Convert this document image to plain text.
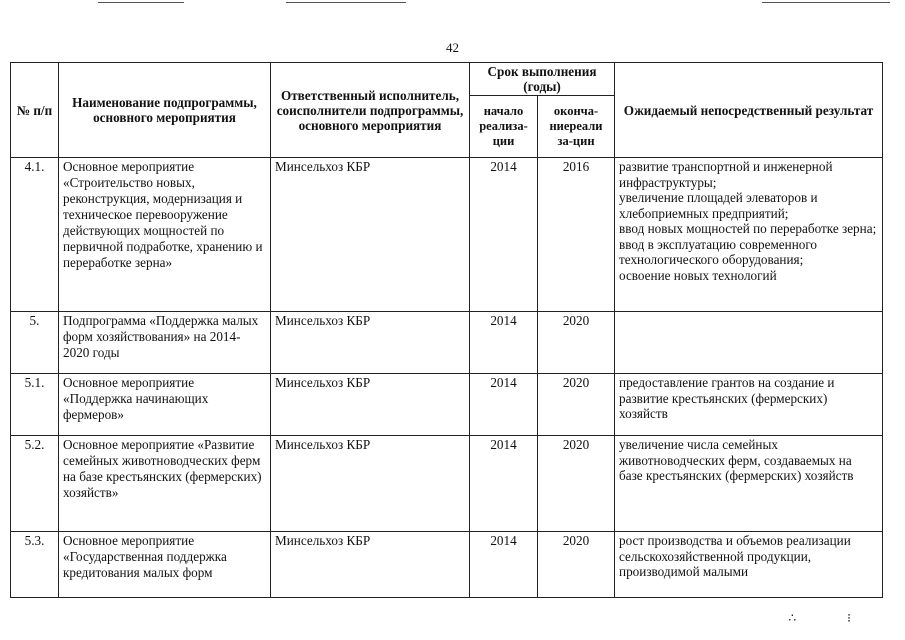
42
№ п/п	Наименование подпрограммы, основного мероприятия	Ответственный исполнитель, соисполнители подпрограммы, основного мероприятия	Срок выполнения (годы)		Ожидаемый непосредственный результат
			начало реализа-ции	оконча-ниереали за-цин	
4.1.	Основное мероприятие «Строительство новых, реконструкция, модернизация и техническое перевооружение действующих мощностей по первичной подработке, хранению и переработке зерна»	Минсельхоз КБР	2014	2016	развитие транспортной и инженерной инфраструктуры;
увеличение площадей элеваторов и хлебоприемных предприятий;
ввод новых мощностей по переработке зерна; ввод в эксплуатацию современного технологического оборудования;
освоение новых технологий
5.	Подпрограмма «Поддержка малых форм хозяйствования» на 2014-2020 годы	Минсельхоз КБР	2014	2020	
5.1.	Основное мероприятие «Поддержка начинающих фермеров»	Минсельхоз КБР	2014	2020	предоставление грантов на создание и развитие крестьянских (фермерских) хозяйств
5.2.	Основное мероприятие «Развитие семейных животноводческих ферм на базе крестьянских (фермерских) хозяйств»	Минсельхоз КБР	2014	2020	увеличение числа семейных животноводческих ферм, создаваемых на базе крестьянских (фермерских) хозяйств
5.3.	Основное мероприятие «Государственная поддержка кредитования малых форм	Минсельхоз КБР	2014	2020	рост производства и объемов реализации сельскохозяйственной продукции, производимой малыми
∴ ⁝
